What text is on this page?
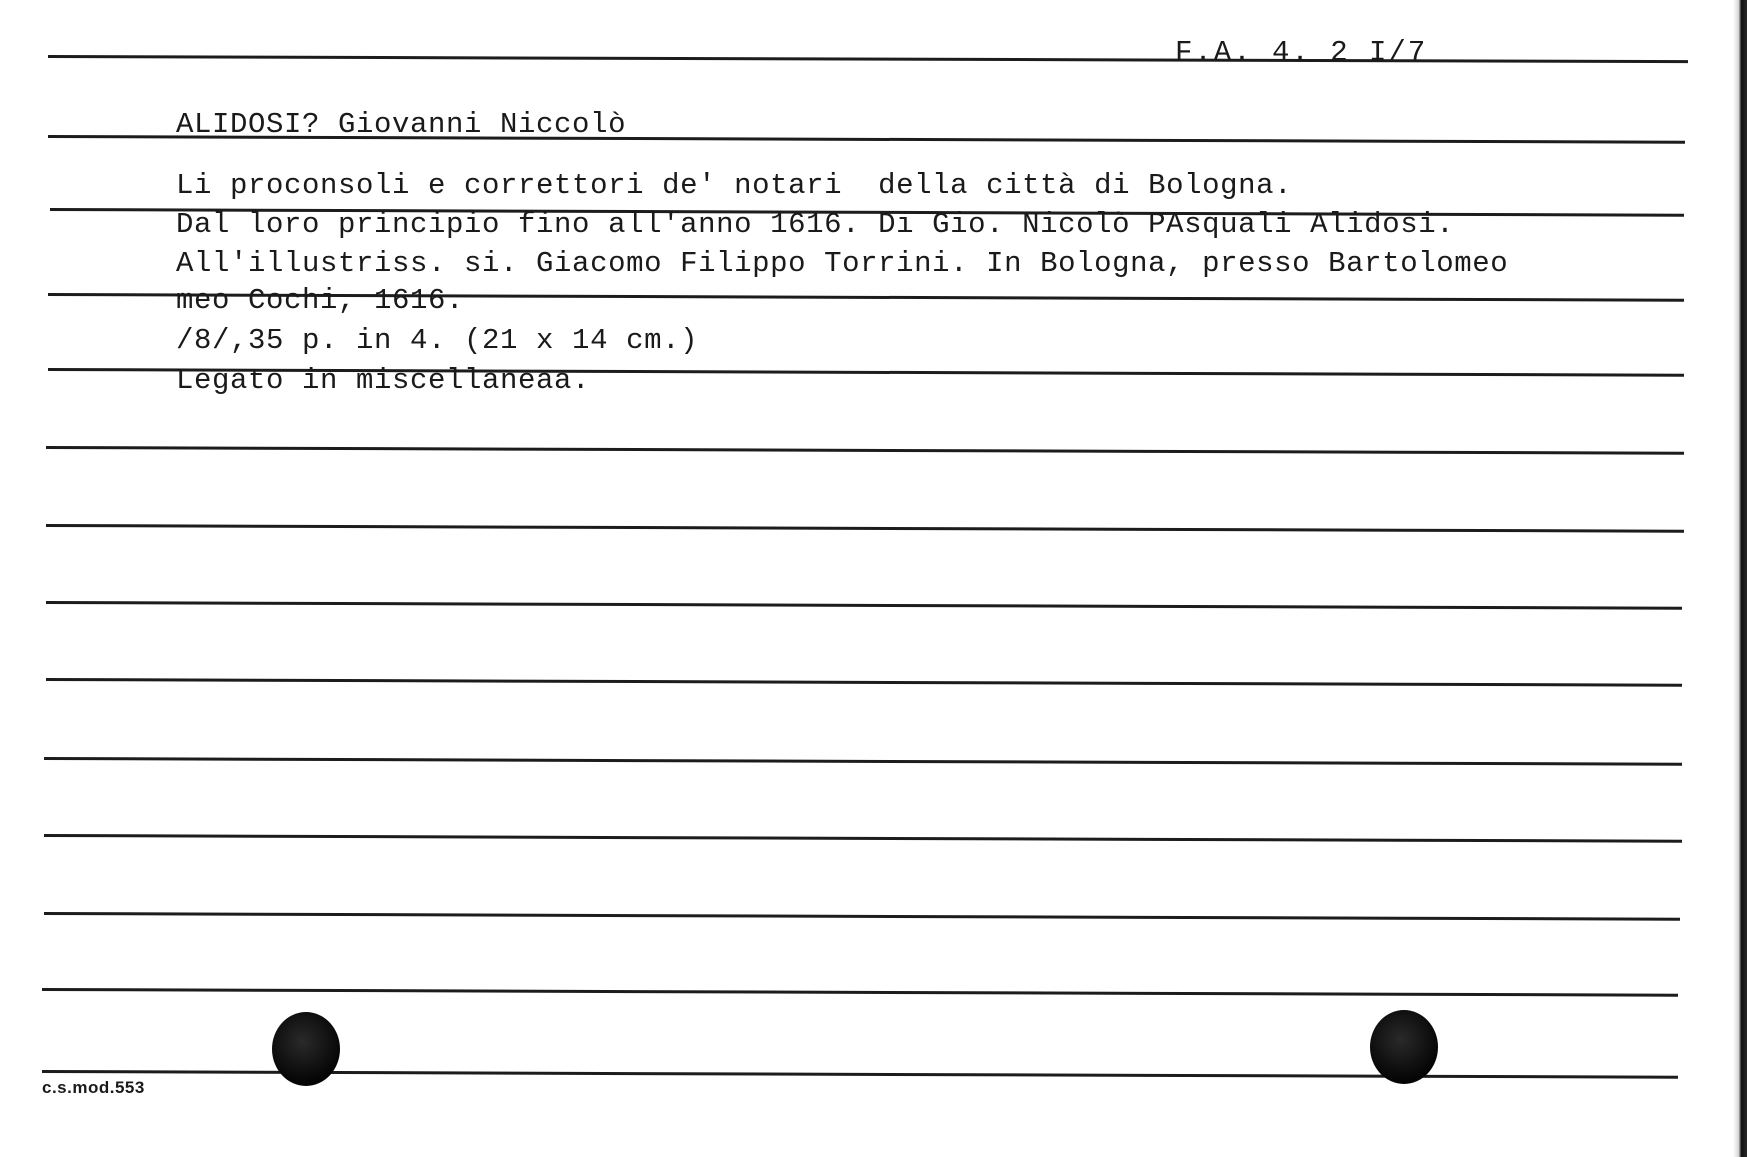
F.A. 4. 2 I/7
ALIDOSI? Giovanni Niccolò
Li proconsoli e correttori de' notari  della città di Bologna.
Dal loro principio fino all'anno 1616. Di Gio. Nicolò PAsquali Alidosi.
All'illustriss. si. Giacomo Filippo Torrini. In Bologna, presso Bartolomeo
meo Cochi, 1616.
/8/,35 p. in 4. (21 x 14 cm.)
Legato in miscellaneaa.
c.s.mod.553
